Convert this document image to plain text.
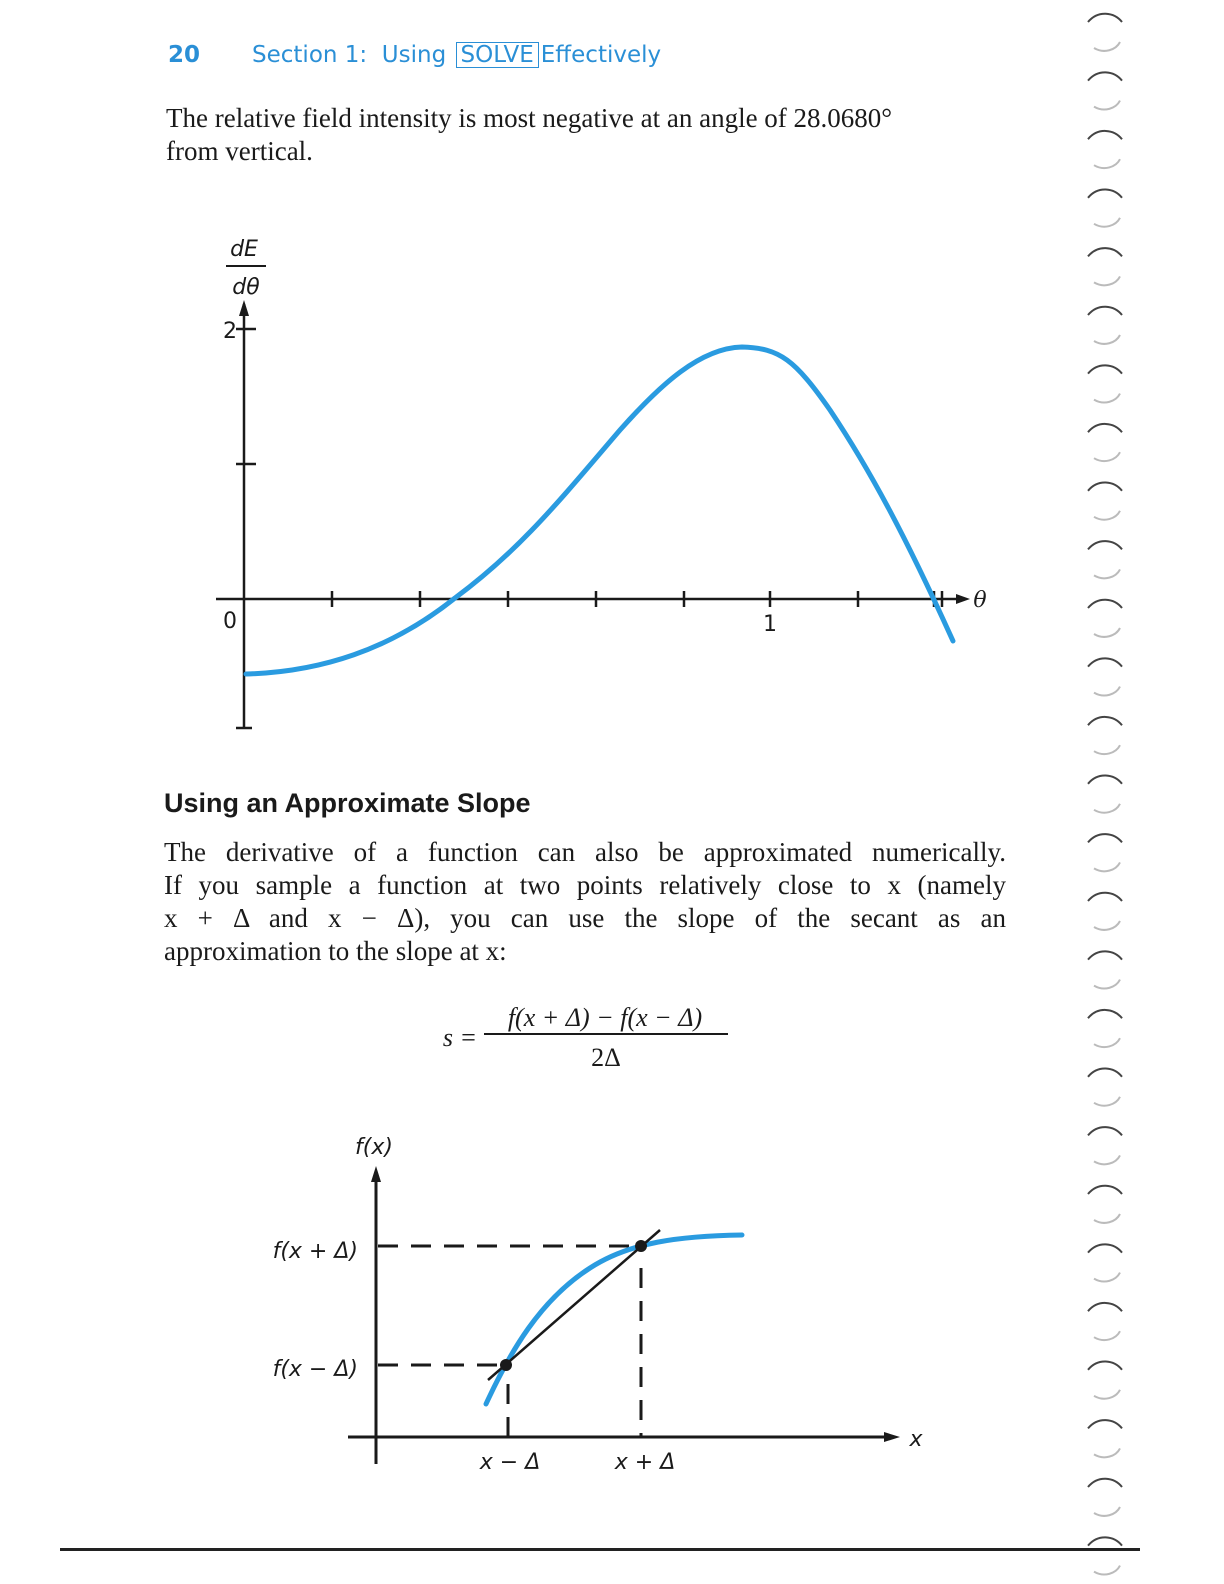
20 Section 1: Using SOLVE Effectively
The relative field intensity is most negative at an angle of 28.0680°
from vertical.
dE
dθ
2
0	1
θ
Using an Approximate Slope
The derivative of a function can also be approximated numerically.
If you sample a function at two points relatively close to x (namely
x + Δ and x − Δ), you can use the slope of the secant as an
approximation to the slope at x:
s =
f(x + Δ) − f(x − Δ)
2Δ
f(x)
x
f(x + Δ)
f(x − Δ)
x − Δ	x + Δ
